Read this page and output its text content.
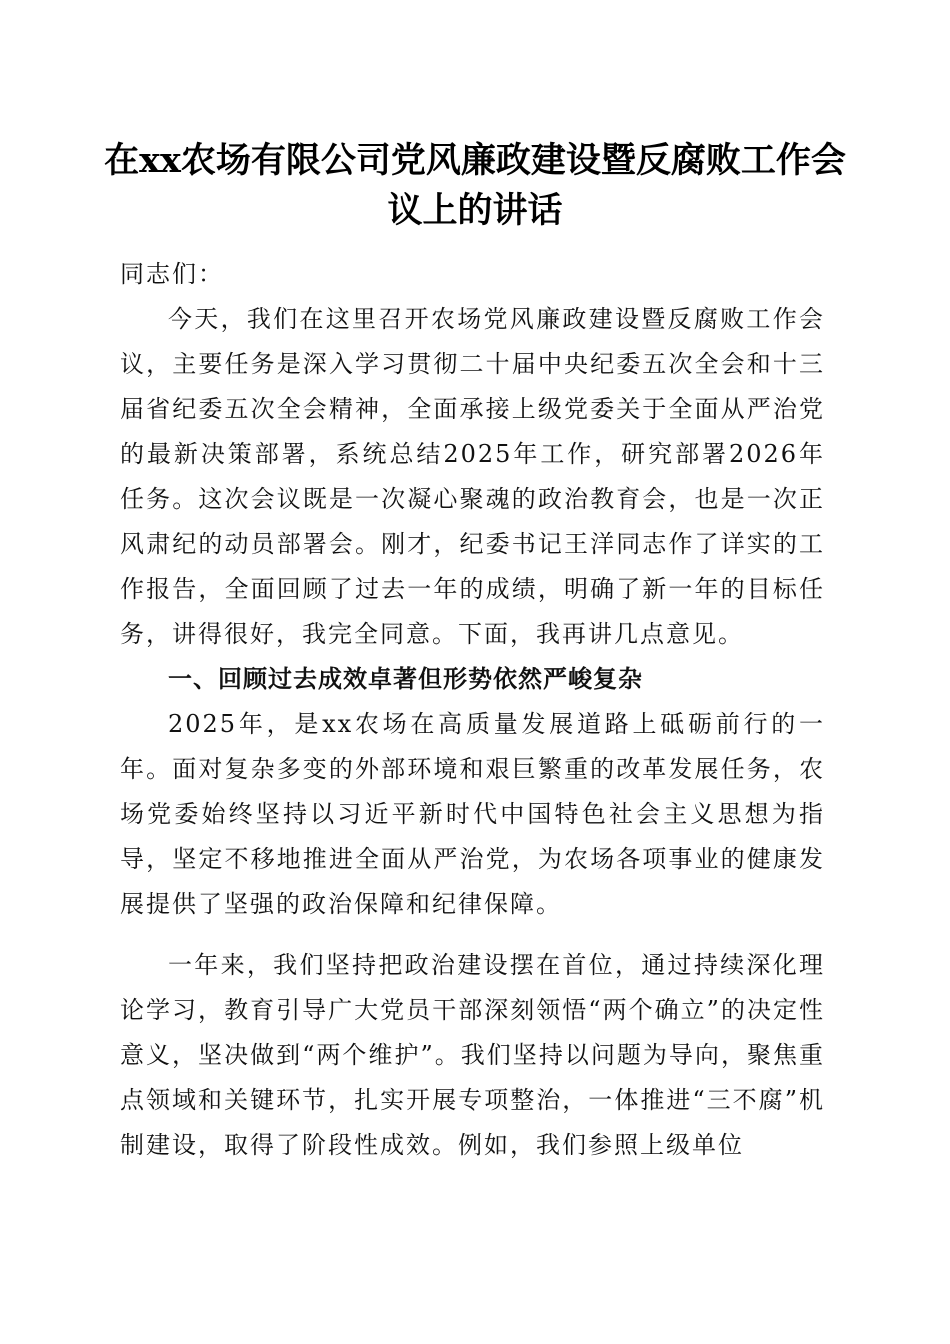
在xx农场有限公司党风廉政建设暨反腐败工作会议上的讲话

同志们：

今天，我们在这里召开农场党风廉政建设暨反腐败工作会议，主要任务是深入学习贯彻二十届中央纪委五次全会和十三届省纪委五次全会精神，全面承接上级党委关于全面从严治党的最新决策部署，系统总结2025年工作，研究部署2026年任务。这次会议既是一次凝心聚魂的政治教育会，也是一次正风肃纪的动员部署会。刚才，纪委书记王洋同志作了详实的工作报告，全面回顾了过去一年的成绩，明确了新一年的目标任务，讲得很好，我完全同意。下面，我再讲几点意见。

一、回顾过去成效卓著但形势依然严峻复杂

2025年，是xx农场在高质量发展道路上砥砺前行的一年。面对复杂多变的外部环境和艰巨繁重的改革发展任务，农场党委始终坚持以习近平新时代中国特色社会主义思想为指导，坚定不移地推进全面从严治党，为农场各项事业的健康发展提供了坚强的政治保障和纪律保障。

一年来，我们坚持把政治建设摆在首位，通过持续深化理论学习，教育引导广大党员干部深刻领悟“两个确立”的决定性意义，坚决做到“两个维护”。我们坚持以问题为导向，聚焦重点领域和关键环节，扎实开展专项整治，一体推进“三不腐”机制建设，取得了阶段性成效。例如，我们参照上级单位
